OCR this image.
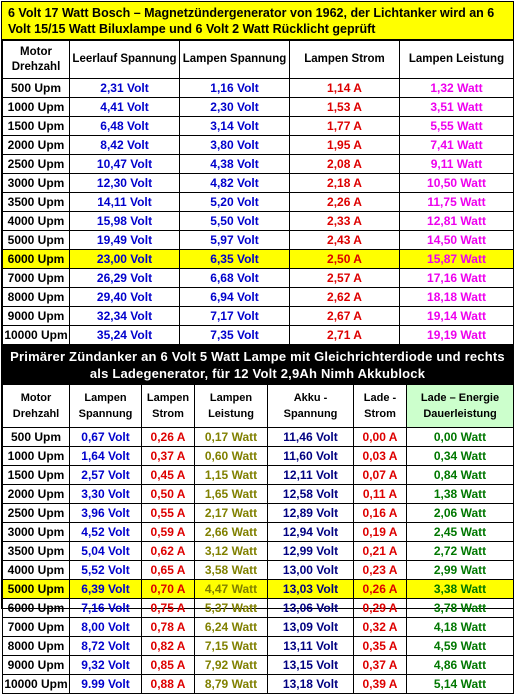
6 Volt 17 Watt Bosch – Magnetzündergenerator von 1962, der Lichtanker wird an 6 Volt 15/15 Watt Biluxlampe und 6 Volt 2 Watt Rücklicht geprüft
Motor Drehzahl	Leerlauf Spannung	Lampen Spannung	Lampen Strom	Lampen Leistung
500 Upm	2,31 Volt	1,16 Volt	1,14 A	1,32 Watt
1000 Upm	4,41 Volt	2,30 Volt	1,53 A	3,51 Watt
1500 Upm	6,48 Volt	3,14 Volt	1,77 A	5,55 Watt
2000 Upm	8,42 Volt	3,80 Volt	1,95 A	7,41 Watt
2500 Upm	10,47 Volt	4,38 Volt	2,08 A	9,11 Watt
3000 Upm	12,30 Volt	4,82 Volt	2,18 A	10,50 Watt
3500 Upm	14,11 Volt	5,20 Volt	2,26 A	11,75 Watt
4000 Upm	15,98 Volt	5,50 Volt	2,33 A	12,81 Watt
5000 Upm	19,49 Volt	5,97 Volt	2,43 A	14,50 Watt
6000 Upm	23,00 Volt	6,35 Volt	2,50 A	15,87 Watt
7000 Upm	26,29 Volt	6,68 Volt	2,57 A	17,16 Watt
8000 Upm	29,40 Volt	6,94 Volt	2,62 A	18,18 Watt
9000 Upm	32,34 Volt	7,17 Volt	2,67 A	19,14 Watt
10000 Upm	35,24 Volt	7,35 Volt	2,71 A	19,19 Watt
Primärer Zündanker an 6 Volt 5 Watt Lampe mit Gleichrichterdiode und rechts als Ladegenerator, für 12 Volt 2,9Ah Nimh Akkublock
Motor Drehzahl	Lampen Spannung	Lampen Strom	Lampen Leistung	Akku - Spannung	Lade - Strom	Lade – Energie Dauerleistung
500 Upm	0,67 Volt	0,26 A	0,17 Watt	11,46 Volt	0,00 A	0,00 Watt
1000 Upm	1,64 Volt	0,37 A	0,60 Watt	11,60 Volt	0,03 A	0,34 Watt
1500 Upm	2,57 Volt	0,45 A	1,15 Watt	12,11 Volt	0,07 A	0,84 Watt
2000 Upm	3,30 Volt	0,50 A	1,65 Watt	12,58 Volt	0,11 A	1,38 Watt
2500 Upm	3,96 Volt	0,55 A	2,17 Watt	12,89 Volt	0,16 A	2,06 Watt
3000 Upm	4,52 Volt	0,59 A	2,66 Watt	12,94 Volt	0,19 A	2,45 Watt
3500 Upm	5,04 Volt	0,62 A	3,12 Watt	12,99 Volt	0,21 A	2,72 Watt
4000 Upm	5,52 Volt	0,65 A	3,58 Watt	13,00 Volt	0,23 A	2,99 Watt
5000 Upm	6,39 Volt	0,70 A	4,47 Watt	13,03 Volt	0,26 A	3,38 Watt
6000 Upm	7,16 Volt	0,75 A	5,37 Watt	13,06 Volt	0,29 A	3,78 Watt
7000 Upm	8,00 Volt	0,78 A	6,24 Watt	13,09 Volt	0,32 A	4,18 Watt
8000 Upm	8,72 Volt	0,82 A	7,15 Watt	13,11 Volt	0,35 A	4,59 Watt
9000 Upm	9,32 Volt	0,85 A	7,92 Watt	13,15 Volt	0,37 A	4,86 Watt
10000 Upm	9.99 Volt	0,88 A	8,79 Watt	13,18 Volt	0,39 A	5,14 Watt
